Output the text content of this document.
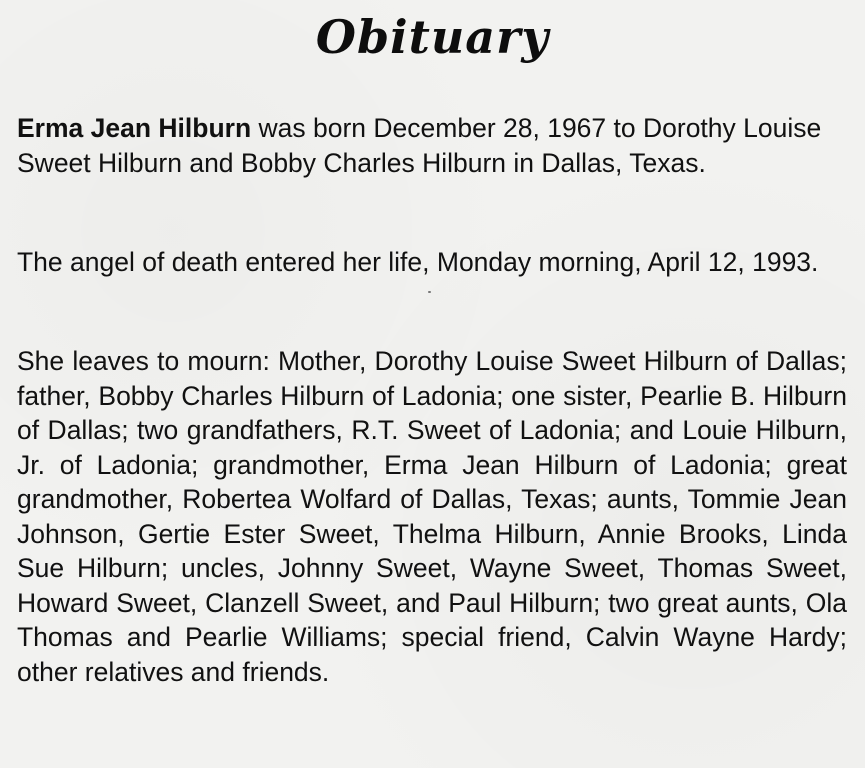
Obituary

Erma Jean Hilburn was born December 28, 1967 to Dorothy Louise Sweet Hilburn and Bobby Charles Hilburn in Dallas, Texas.

The angel of death entered her life, Monday morning, April 12, 1993.

She leaves to mourn: Mother, Dorothy Louise Sweet Hilburn of Dallas; father, Bobby Charles Hilburn of Ladonia; one sister, Pearlie B. Hilburn of Dallas; two grandfathers, R.T. Sweet of Ladonia; and Louie Hilburn, Jr. of Ladonia; grandmother, Erma Jean Hilburn of Ladonia; great grandmother, Robertea Wolfard of Dallas, Texas; aunts, Tommie Jean Johnson, Gertie Ester Sweet, Thelma Hilburn, Annie Brooks, Linda Sue Hilburn; uncles, Johnny Sweet, Wayne Sweet, Thomas Sweet, Howard Sweet, Clanzell Sweet, and Paul Hilburn; two great aunts, Ola Thomas and Pearlie Williams; special friend, Calvin Wayne Hardy; other relatives and friends.
